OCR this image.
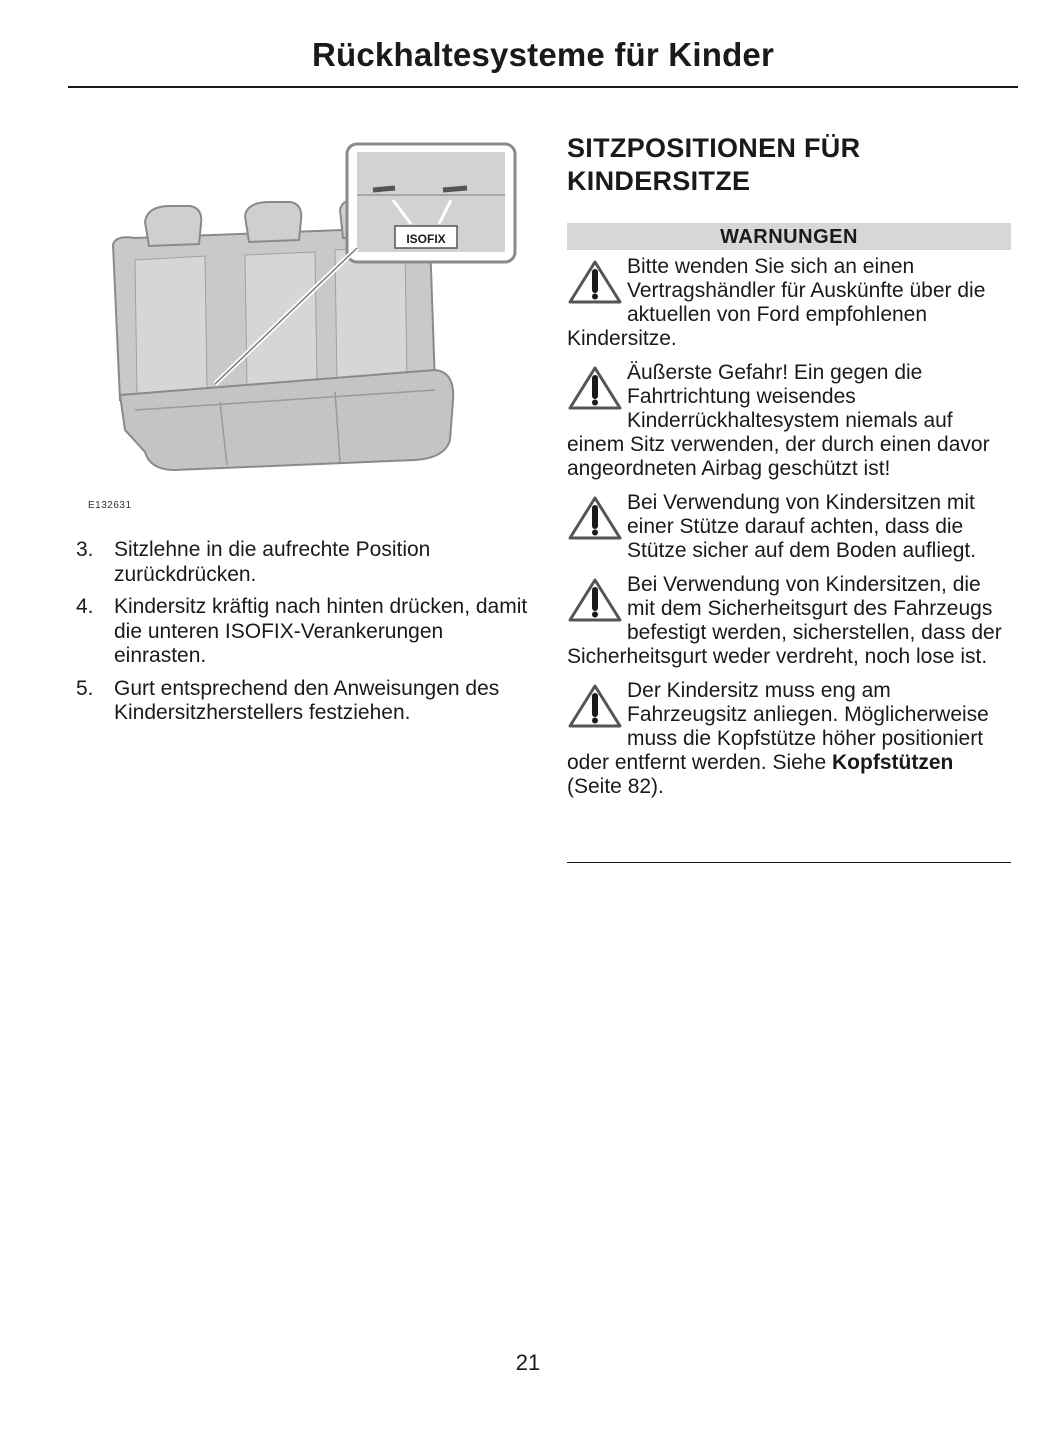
Rückhaltesysteme für Kinder
ISOFIX
E132631
3. Sitzlehne in die aufrechte Position zurückdrücken.
4. Kindersitz kräftig nach hinten drücken, damit die unteren ISOFIX-Verankerungen einrasten.
5. Gurt entsprechend den Anweisungen des Kindersitzherstellers festziehen.
SITZPOSITIONEN FÜR
KINDERSITZE
WARNUNGEN
Bitte wenden Sie sich an einen Vertragshändler für Auskünfte über die aktuellen von Ford empfohlenen Kindersitze.
Äußerste Gefahr! Ein gegen die Fahrtrichtung weisendes Kinderrückhaltesystem niemals auf einem Sitz verwenden, der durch einen davor angeordneten Airbag geschützt ist!
Bei Verwendung von Kindersitzen mit einer Stütze darauf achten, dass die Stütze sicher auf dem Boden aufliegt.
Bei Verwendung von Kindersitzen, die mit dem Sicherheitsgurt des Fahrzeugs befestigt werden, sicherstellen, dass der Sicherheitsgurt weder verdreht, noch lose ist.
Der Kindersitz muss eng am Fahrzeugsitz anliegen. Möglicherweise muss die Kopfstütze höher positioniert oder entfernt werden. Siehe Kopfstützen (Seite 82).
21
